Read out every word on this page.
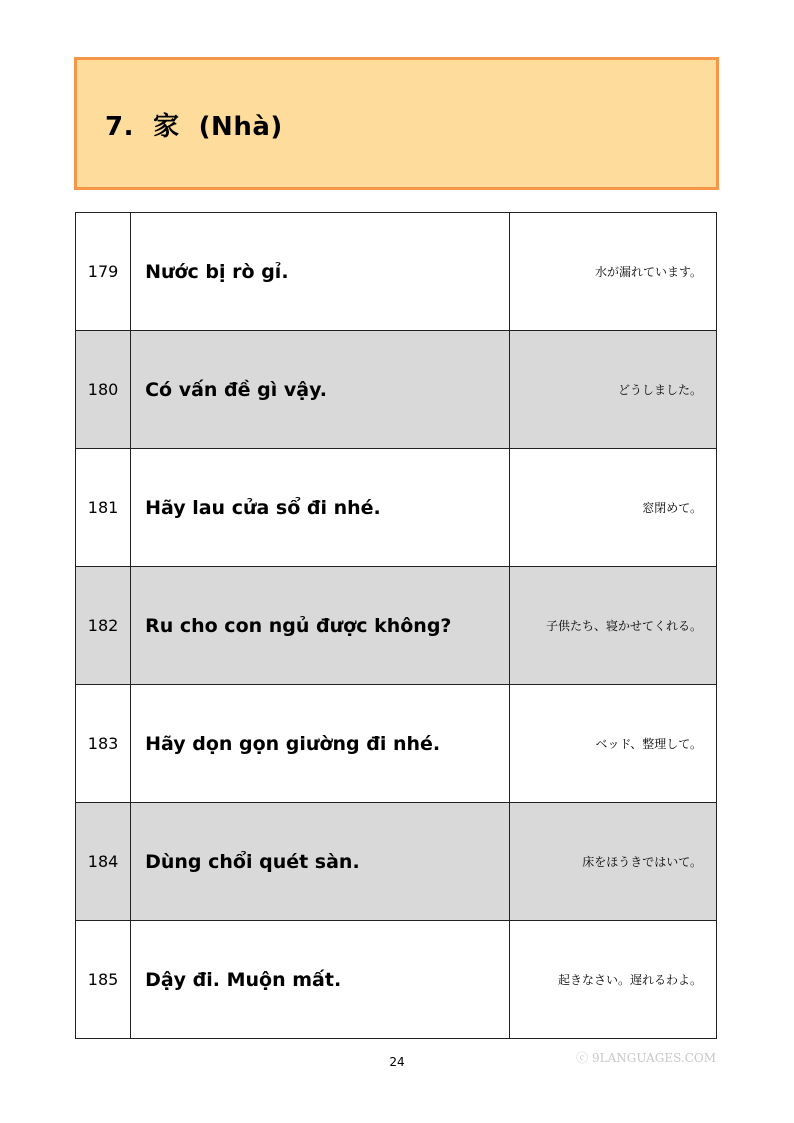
7.  家  (Nhà)
179	Nước bị rò gỉ.	水が漏れています。
180	Có vấn đề gì vậy.	どうしました。
181	Hãy lau cửa sổ đi nhé.	窓閉めて。
182	Ru cho con ngủ được không?	子供たち、寝かせてくれる。
183	Hãy dọn gọn giường đi nhé.	ベッド、整理して。
184	Dùng chổi quét sàn.	床をほうきではいて。
185	Dậy đi. Muộn mất.	起きなさい。遅れるわよ。
24	ⓒ 9LANGUAGES.COM
